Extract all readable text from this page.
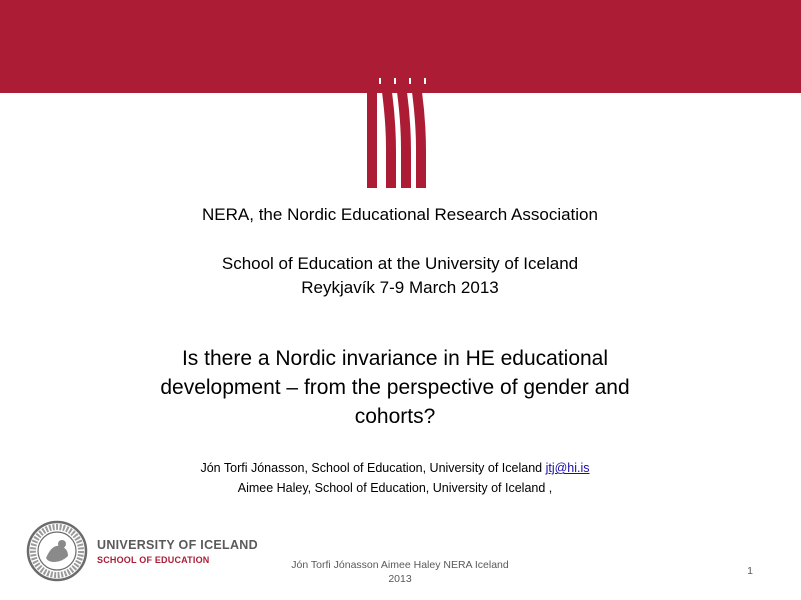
NERA, the Nordic Educational Research Association
School of Education at the University of Iceland
Reykjavík 7-9 March 2013
Is there a Nordic invariance in HE educational
development – from the perspective of gender and
cohorts?
Jón Torfi Jónasson, School of Education, University of Iceland jtj@hi.is
Aimee Haley, School of Education, University of Iceland ,
UNIVERSITY OF ICELAND
SCHOOL OF EDUCATION	Jón Torfi Jónasson Aimee Haley NERA Iceland
2013
1
